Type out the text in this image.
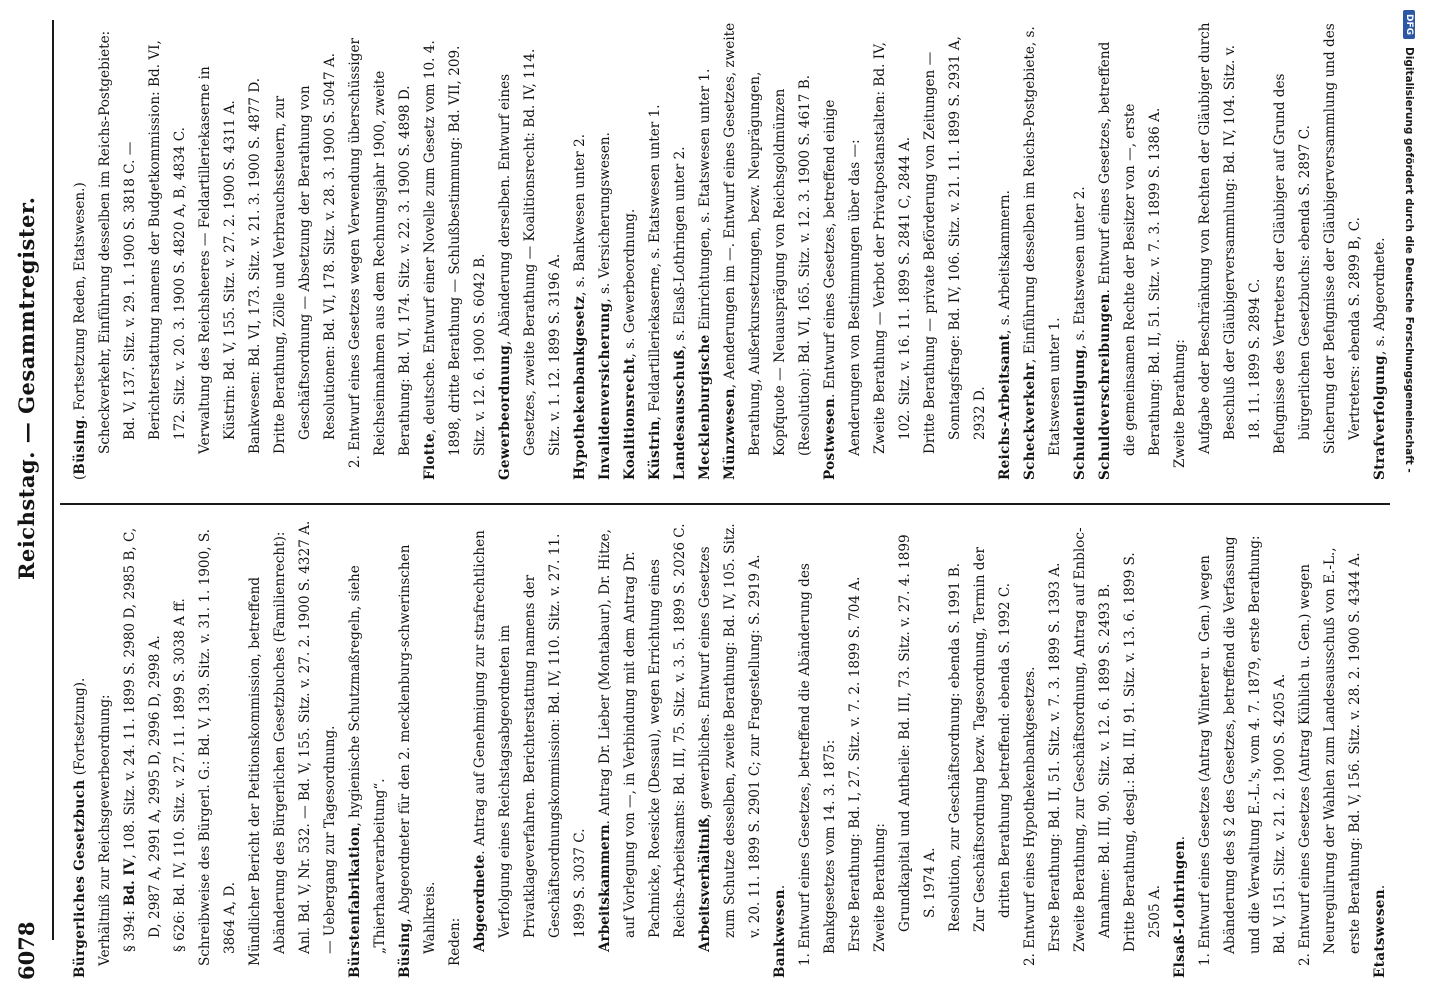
6078
Reichstag. — Gesammtregister.

Bürgerliches Gesetzbuch (Fortsetzung). Verhältniß zur Reichsgewerbeordnung: § 394: Bd. IV, 108. Sitz. v. 24. 11. 1899 S. 2980 D, 2985 B, C, D, 2987 A, 2991 A, 2995 D, 2996 D, 2998 A. § 626: Bd. IV, 110. Sitz. v. 27. 11. 1899 S. 3038 A ff. Schreibweise des Bürgerl. G.: Bd. V, 139. Sitz. v. 31. 1. 1900, S. 3864 A, D. Mündlicher Bericht der Petitionskommission, betreffend Abänderung des Bürgerlichen Gesetzbuches (Familienrecht): Anl. Bd. V, Nr. 532. — Bd. V, 155. Sitz. v. 27. 2. 1900 S. 4327 A. — Uebergang zur Tagesordnung. Bürstenfabrikation, hygienische Schutzmaßregeln, siehe „Thierhaarverarbeitung“. Büsing, Abgeordneter für den 2. mecklenburg-schwerinschen Wahlkreis. Reden: Abgeordnete. Antrag auf Genehmigung zur strafrechtlichen Verfolgung eines Reichstagsabgeordneten im Privatklageverfahren. Berichterstattung namens der Geschäftsordnungskommission: Bd. IV, 110. Sitz. v. 27. 11. 1899 S. 3037 C. Arbeitskammern. Antrag Dr. Lieber (Montabaur), Dr. Hitze, auf Vorlegung von —, in Verbindung mit dem Antrag Dr. Pachnicke, Roesicke (Dessau), wegen Errichtung eines Reichs-Arbeitsamts: Bd. III, 75. Sitz. v. 3. 5. 1899 S. 2026 C. Arbeitsverhältniß, gewerbliches. Entwurf eines Gesetzes zum Schutze desselben, zweite Berathung: Bd. IV, 105. Sitz. v. 20. 11. 1899 S. 2901 C; zur Fragestellung: S. 2919 A. Bankwesen. 1. Entwurf eines Gesetzes, betreffend die Abänderung des Bankgesetzes vom 14. 3. 1875: Erste Berathung: Bd. I, 27. Sitz. v. 7. 2. 1899 S. 704 A. Zweite Berathung: Grundkapital und Antheile: Bd. III, 73. Sitz. v. 27. 4. 1899 S. 1974 A. Resolution, zur Geschäftsordnung: ebenda S. 1991 B. Zur Geschäftsordnung bezw. Tagesordnung, Termin der dritten Berathung betreffend: ebenda S. 1992 C. 2. Entwurf eines Hypothekenbankgesetzes. Erste Berathung: Bd. II, 51. Sitz. v. 7. 3. 1899 S. 1393 A. Zweite Berathung, zur Geschäftsordnung, Antrag auf Enbloc-Annahme: Bd. III, 90. Sitz. v. 12. 6. 1899 S. 2493 B. Dritte Berathung, desgl.: Bd. III, 91. Sitz. v. 13. 6. 1899 S. 2505 A. Elsaß-Lothringen. 1. Entwurf eines Gesetzes (Antrag Winterer u. Gen.) wegen Abänderung des § 2 des Gesetzes, betreffend die Verfassung und die Verwaltung E.-L.'s, vom 4. 7. 1879, erste Berathung: Bd. V, 151. Sitz. v. 21. 2. 1900 S. 4205 A. 2. Entwurf eines Gesetzes (Antrag Kühlich u. Gen.) wegen Neuregulirung der Wahlen zum Landesausschuß von E.-L., erste Berathung: Bd. V, 156. Sitz. v. 28. 2. 1900 S. 4344 A. Etatswesen.

(Büsing. Fortsetzung Reden, Etatswesen.) Scheckverkehr, Einführung desselben im Reichs-Postgebiete: Bd. V, 137. Sitz. v. 29. 1. 1900 S. 3818 C. — Berichterstattung namens der Budgetkommission: Bd. VI, 172. Sitz. v. 20. 3. 1900 S. 4820 A, B, 4834 C. Verwaltung des Reichsheeres — Feldartilleriekaserne in Küstrin: Bd. V, 155. Sitz. v. 27. 2. 1900 S. 4311 A. Bankwesen: Bd. VI, 173. Sitz. v. 21. 3. 1900 S. 4877 D. Dritte Berathung, Zölle und Verbrauchssteuern, zur Geschäftsordnung — Absetzung der Berathung von Resolutionen: Bd. VI, 178. Sitz. v. 28. 3. 1900 S. 5047 A. 2. Entwurf eines Gesetzes wegen Verwendung überschüssiger Reichseinnahmen aus dem Rechnungsjahr 1900, zweite Berathung: Bd. VI, 174. Sitz. v. 22. 3. 1900 S. 4898 D.

Flotte, deutsche. Entwurf einer Novelle zum Gesetz vom 10. 4. 1898, dritte Berathung — Schlußbestimmung: Bd. VII, 209. Sitz. v. 12. 6. 1900 S. 6042 B. Gewerbeordnung, Abänderung derselben. Entwurf eines Gesetzes, zweite Berathung — Koalitionsrecht: Bd. IV, 114. Sitz. v. 1. 12. 1899 S. 3196 A. Hypothekenbankgesetz, s. Bankwesen unter 2.

Invalidenversicherung, s. Versicherungswesen.

Koalitionsrecht, s. Gewerbeordnung.

Küstrin, Feldartilleriekaserne, s. Etatswesen unter 1. Landesausschuß, s. Elsaß-Lothringen unter 2.

Mecklenburgische Einrichtungen, s. Etatswesen unter 1.

Münzwesen, Aenderungen im —. Entwurf eines Gesetzes, zweite Berathung, Außerkurssetzungen, bezw. Neuprägungen, Kopfquote — Neuausprägung von Reichsgoldmünzen (Resolution): Bd. VI, 165. Sitz. v. 12. 3. 1900 S. 4617 B. Postwesen. Entwurf eines Gesetzes, betreffend einige Aenderungen von Bestimmungen über das —: Zweite Berathung — Verbot der Privatpostanstalten: Bd. IV, 102. Sitz. v. 16. 11. 1899 S. 2841 C, 2844 A. Dritte Berathung — private Beförderung von Zeitungen — Sonntagsfrage: Bd. IV, 106. Sitz. v. 21. 11. 1899 S. 2931 A, 2932 D. Reichs-Arbeitsamt, s. Arbeitskammern.

Scheckverkehr, Einführung desselben im Reichs-Postgebiete, s. Etatswesen unter 1. Schuldentilgung, s. Etatswesen unter 2.

Schuldverschreibungen. Entwurf eines Gesetzes, betreffend die gemeinsamen Rechte der Besitzer von —, erste Berathung: Bd. II, 51. Sitz. v. 7. 3. 1899 S. 1386 A. Zweite Berathung: Aufgabe oder Beschränkung von Rechten der Gläubiger durch Beschluß der Gläubigerversammlung: Bd. IV, 104. Sitz. v. 18. 11. 1899 S. 2894 C. Befugnisse des Vertreters der Gläubiger auf Grund des bürgerlichen Gesetzbuchs: ebenda S. 2897 C. Sicherung der Befugnisse der Gläubigerversammlung und des Vertreters: ebenda S. 2899 B, C. Strafverfolgung, s. Abgeordnete.

DFG
Digitalisierung gefördert durch die Deutsche Forschungsgemeinschaft -
